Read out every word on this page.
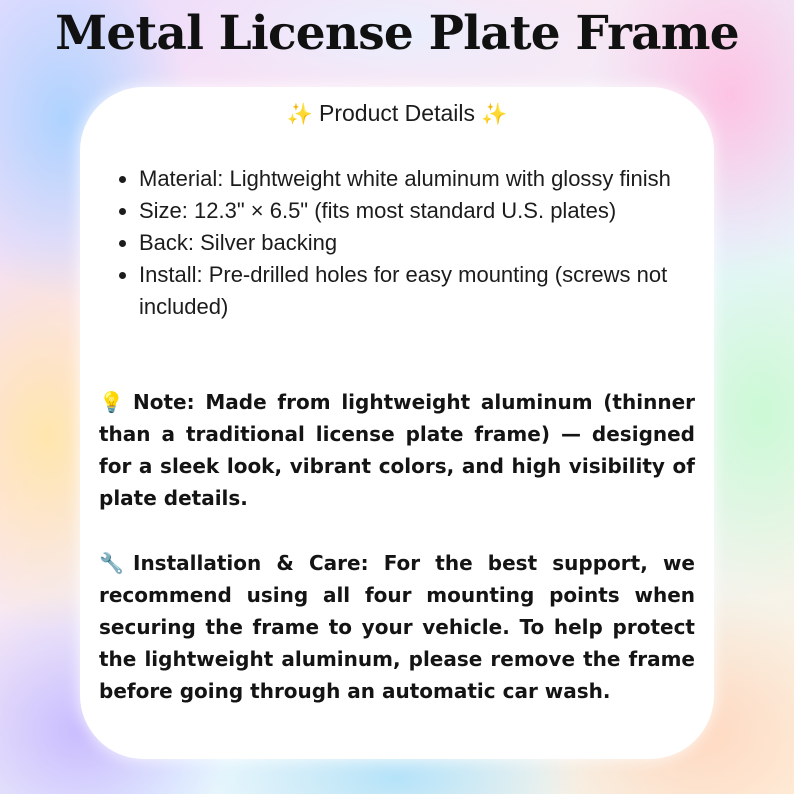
Metal License Plate Frame
✨ Product Details ✨
• Material: Lightweight white aluminum with glossy finish
• Size: 12.3" × 6.5" (fits most standard U.S. plates)
• Back: Silver backing
• Install: Pre-drilled holes for easy mounting (screws not included)

💡 Note: Made from lightweight aluminum (thinner than a traditional license plate frame) — designed for a sleek look, vibrant colors, and high visibility of plate details.

🔧 Installation & Care: For the best support, we recommend using all four mounting points when securing the frame to your vehicle. To help protect the lightweight aluminum, please remove the frame before going through an automatic car wash.
